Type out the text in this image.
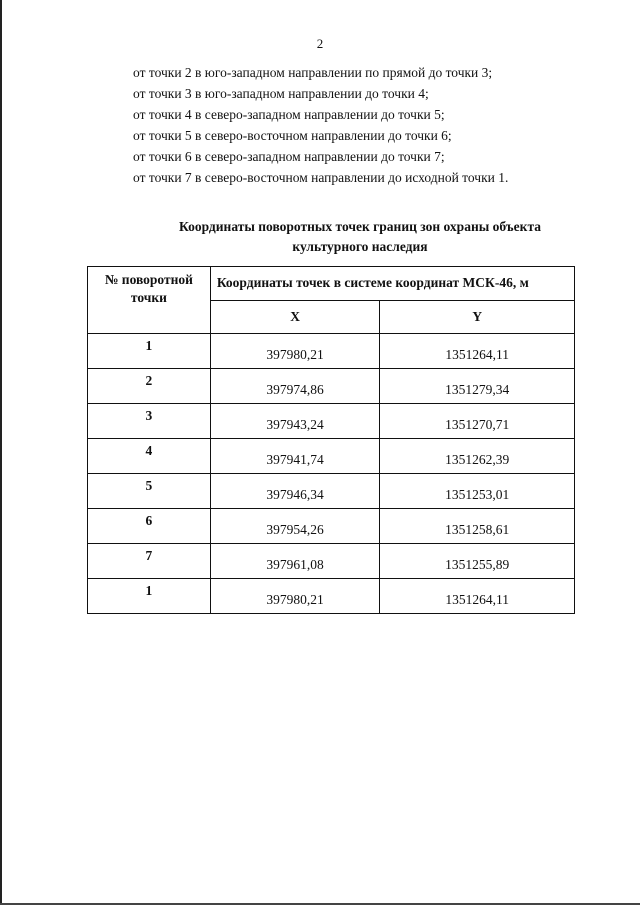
2
от точки 2 в юго-западном направлении по прямой до точки 3;
от точки 3 в юго-западном направлении до точки 4;
от точки 4 в северо-западном направлении до точки 5;
от точки 5 в северо-восточном направлении до точки 6;
от точки 6 в северо-западном направлении до точки 7;
от точки 7 в северо-восточном направлении до исходной точки 1.
Координаты поворотных точек границ зон охраны объекта
культурного наследия
№ поворотной точки	Координаты точек в системе координат МСК-46, м	
	X	Y
1	397980,21	1351264,11
2	397974,86	1351279,34
3	397943,24	1351270,71
4	397941,74	1351262,39
5	397946,34	1351253,01
6	397954,26	1351258,61
7	397961,08	1351255,89
1	397980,21	1351264,11
